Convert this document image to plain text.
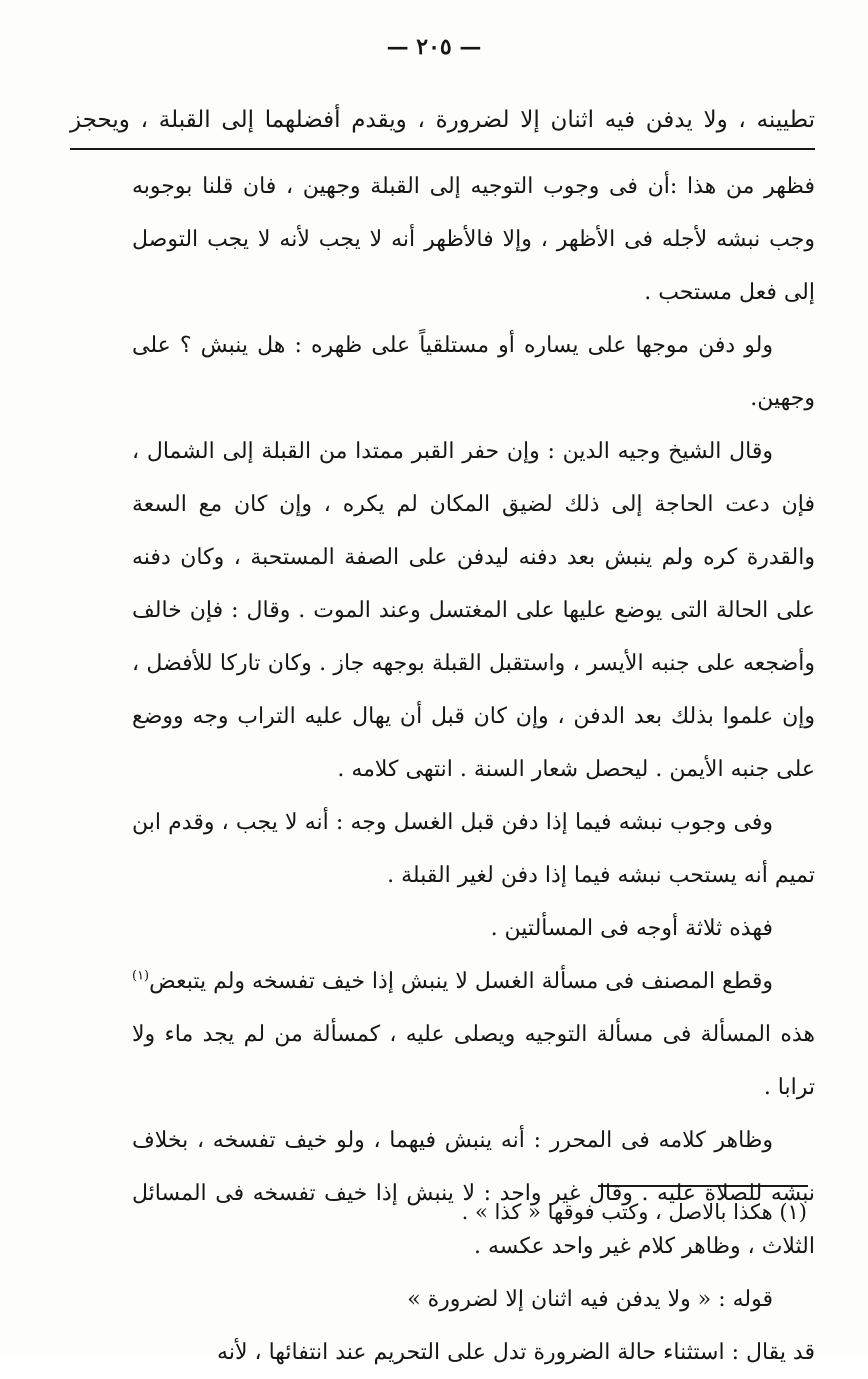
— ٢٠٥ —
تطيينه ، ولا يدفن فيه اثنان إلا لضرورة ، ويقدم أفضلهما إلى القبلة ، ويحجز

فظهر من هذا :أن فى وجوب التوجيه إلى القبلة وجهين ، فان قلنا بوجوبه وجب نبشه لأجله فى الأظهر ، وإلا فالأظهر أنه لا يجب لأنه لا يجب التوصل إلى فعل مستحب .

ولو دفن موجها على يساره أو مستلقياً على ظهره : هل ينبش ؟ على وجهين.

وقال الشيخ وجيه الدين : وإن حفر القبر ممتدا من القبلة إلى الشمال ، فإن دعت الحاجة إلى ذلك لضيق المكان لم يكره ، وإن كان مع السعة والقدرة كره ولم ينبش بعد دفنه ليدفن على الصفة المستحبة ، وكان دفنه على الحالة التى يوضع عليها على المغتسل وعند الموت . وقال : فإن خالف وأضجعه على جنبه الأيسر ، واستقبل القبلة بوجهه جاز . وكان تاركا للأفضل ، وإن علموا بذلك بعد الدفن ، وإن كان قبل أن يهال عليه التراب وجه ووضع على جنبه الأيمن . ليحصل شعار السنة . انتهى كلامه .

وفى وجوب نبشه فيما إذا دفن قبل الغسل وجه : أنه لا يجب ، وقدم ابن تميم أنه يستحب نبشه فيما إذا دفن لغير القبلة .

فهذه ثلاثة أوجه فى المسألتين .

وقطع المصنف فى مسألة الغسل لا ينبش إذا خيف تفسخه ولم يتبعض$^{(١)}$ هذه المسألة فى مسألة التوجيه ويصلى عليه ، كمسألة من لم يجد ماء ولا ترابا .

وظاهر كلامه فى المحرر : أنه ينبش فيهما ، ولو خيف تفسخه ، بخلاف نبشه للصلاة عليه . وقال غير واحد : لا ينبش إذا خيف تفسخه فى المسائل الثلاث ، وظاهر كلام غير واحد عكسه .

قوله : « ولا يدفن فيه اثنان إلا لضرورة »

قد يقال : استثناء حالة الضرورة تدل على التحريم عند انتفائها ، لأنه

(١) هكذا بالاصل ، وكتب فوقها « كذا » .
